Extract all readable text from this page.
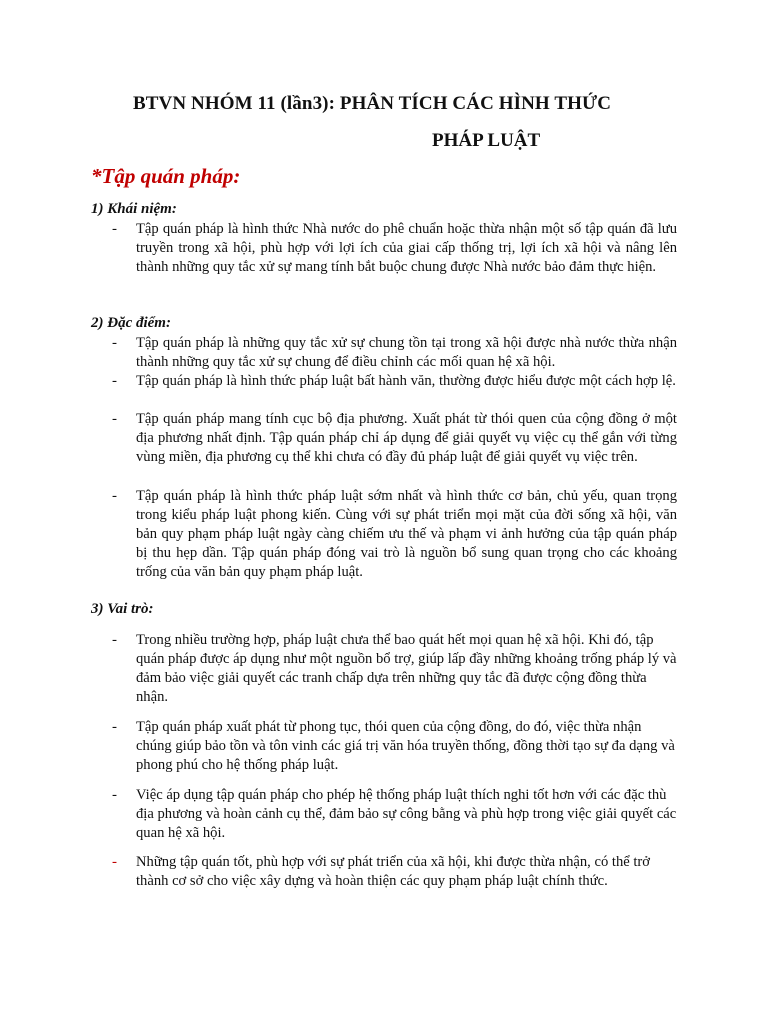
BTVN NHÓM 11 (lần3): PHÂN TÍCH CÁC HÌNH THỨC
PHÁP LUẬT
*Tập quán pháp:
1) Khái niệm:
- Tập quán pháp là hình thức Nhà nước do phê chuẩn hoặc thừa nhận một số tập quán đã lưu truyền trong xã hội, phù hợp với lợi ích của giai cấp thống trị, lợi ích xã hội và nâng lên thành những quy tắc xử sự mang tính bắt buộc chung được Nhà nước bảo đảm thực hiện.
2) Đặc điểm:
- Tập quán pháp là những quy tắc xử sự chung tồn tại trong xã hội được nhà nước thừa nhận thành những quy tắc xử sự chung để điều chỉnh các mối quan hệ xã hội.
- Tập quán pháp là hình thức pháp luật bất hành văn, thường được hiểu được một cách hợp lệ.
- Tập quán pháp mang tính cục bộ địa phương. Xuất phát từ thói quen của cộng đồng ở một địa phương nhất định. Tập quán pháp chỉ áp dụng để giải quyết vụ việc cụ thể gắn với từng vùng miền, địa phương cụ thể khi chưa có đầy đủ pháp luật để giải quyết vụ việc trên.
- Tập quán pháp là hình thức pháp luật sớm nhất và hình thức cơ bản, chủ yếu, quan trọng trong kiểu pháp luật phong kiến. Cùng với sự phát triển mọi mặt của đời sống xã hội, văn bản quy phạm pháp luật ngày càng chiếm ưu thế và phạm vi ảnh hưởng của tập quán pháp bị thu hẹp dần. Tập quán pháp đóng vai trò là nguồn bổ sung quan trọng cho các khoảng trống của văn bản quy phạm pháp luật.
3) Vai trò:
- Trong nhiều trường hợp, pháp luật chưa thể bao quát hết mọi quan hệ xã hội. Khi đó, tập quán pháp được áp dụng như một nguồn bổ trợ, giúp lấp đầy những khoảng trống pháp lý và đảm bảo việc giải quyết các tranh chấp dựa trên những quy tắc đã được cộng đồng thừa nhận.
- Tập quán pháp xuất phát từ phong tục, thói quen của cộng đồng, do đó, việc thừa nhận chúng giúp bảo tồn và tôn vinh các giá trị văn hóa truyền thống, đồng thời tạo sự đa dạng và phong phú cho hệ thống pháp luật.
- Việc áp dụng tập quán pháp cho phép hệ thống pháp luật thích nghi tốt hơn với các đặc thù địa phương và hoàn cảnh cụ thể, đảm bảo sự công bằng và phù hợp trong việc giải quyết các quan hệ xã hội.
- Những tập quán tốt, phù hợp với sự phát triển của xã hội, khi được thừa nhận, có thể trở thành cơ sở cho việc xây dựng và hoàn thiện các quy phạm pháp luật chính thức.
